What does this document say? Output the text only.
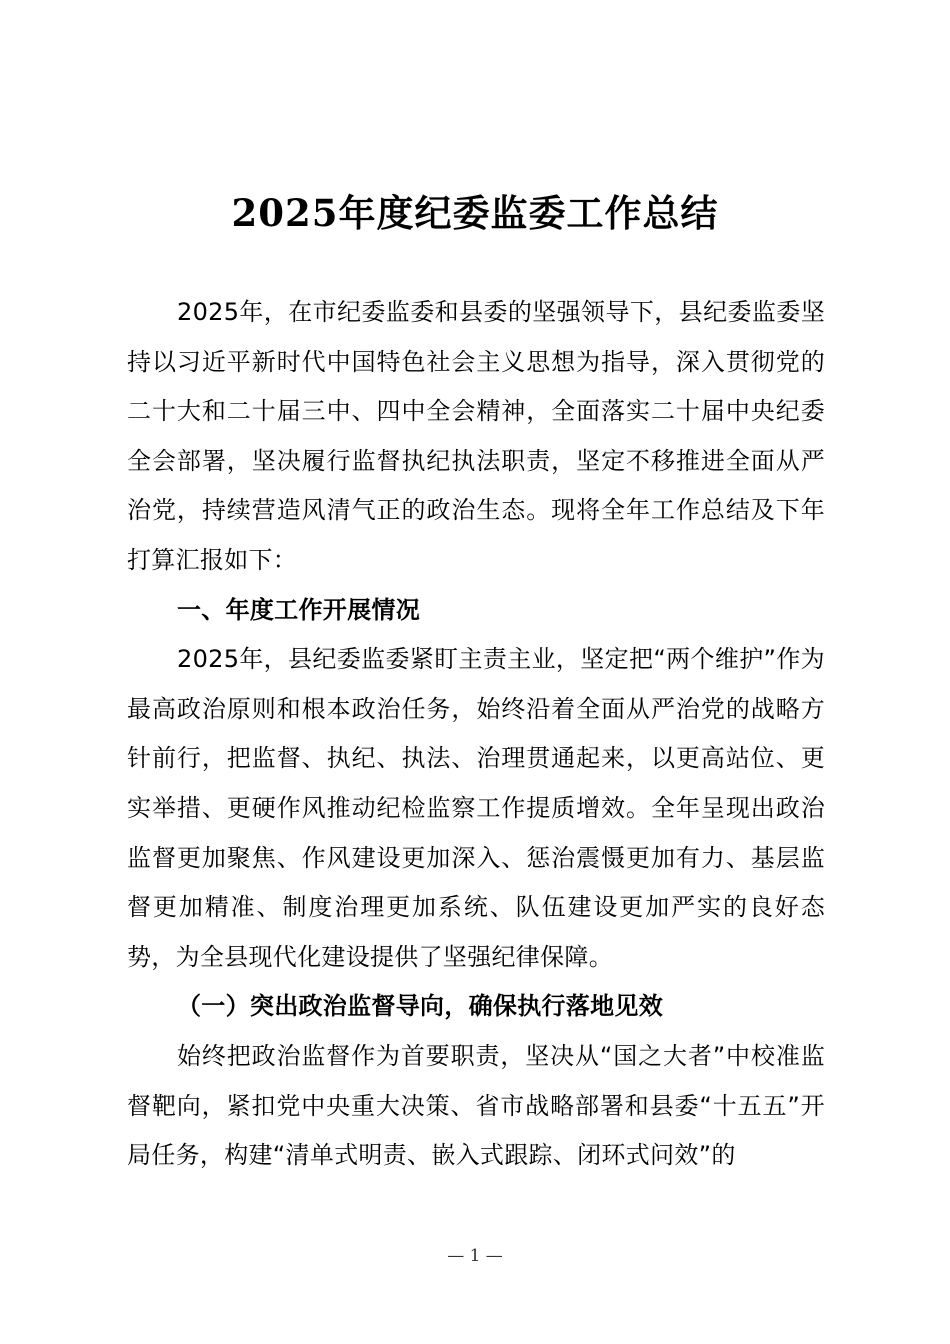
2025年度纪委监委工作总结

2025年，在市纪委监委和县委的坚强领导下，县纪委监委坚持以习近平新时代中国特色社会主义思想为指导，深入贯彻党的二十大和二十届三中、四中全会精神，全面落实二十届中央纪委全会部署，坚决履行监督执纪执法职责，坚定不移推进全面从严治党，持续营造风清气正的政治生态。现将全年工作总结及下年打算汇报如下：

一、年度工作开展情况

2025年，县纪委监委紧盯主责主业，坚定把“两个维护”作为最高政治原则和根本政治任务，始终沿着全面从严治党的战略方针前行，把监督、执纪、执法、治理贯通起来，以更高站位、更实举措、更硬作风推动纪检监察工作提质增效。全年呈现出政治监督更加聚焦、作风建设更加深入、惩治震慑更加有力、基层监督更加精准、制度治理更加系统、队伍建设更加严实的良好态势，为全县现代化建设提供了坚强纪律保障。

（一）突出政治监督导向，确保执行落地见效

始终把政治监督作为首要职责，坚决从“国之大者”中校准监督靶向，紧扣党中央重大决策、省市战略部署和县委“十五五”开局任务，构建“清单式明责、嵌入式跟踪、闭环式问效”的

— 1 —
